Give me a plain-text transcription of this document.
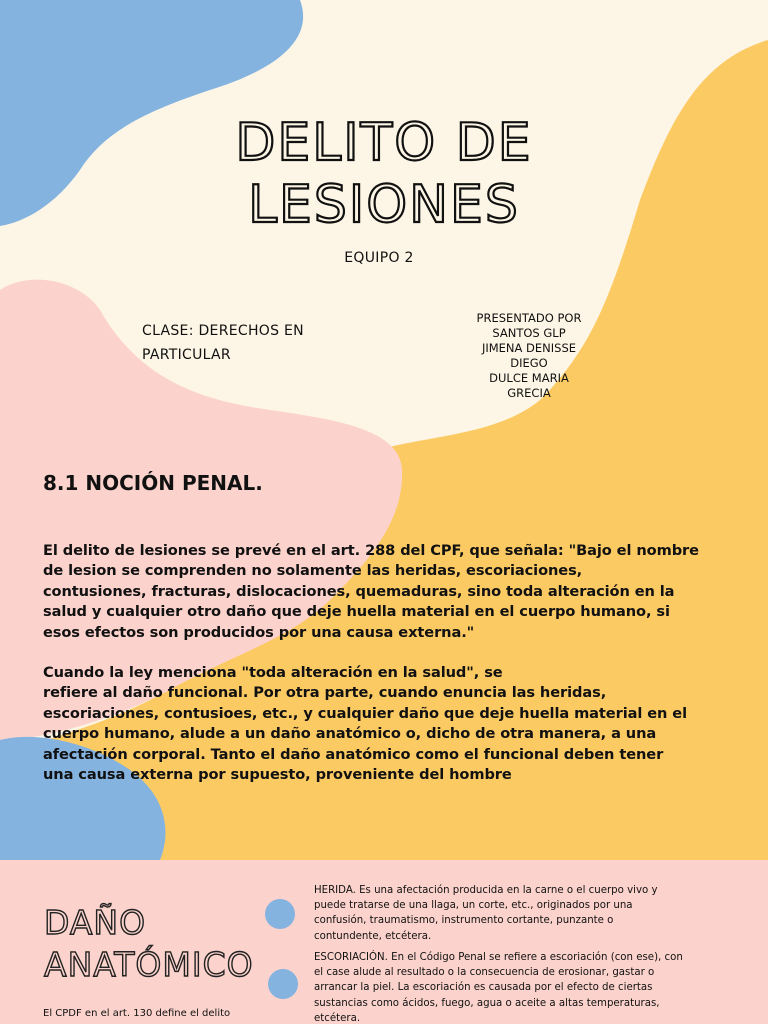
DELITO DE
LESIONES
EQUIPO 2
CLASE: DERECHOS EN
PARTICULAR
PRESENTADO POR
SANTOS GLP
JIMENA DENISSE
DIEGO
DULCE MARIA
GRECIA
8.1 NOCIÓN PENAL.
El delito de lesiones se prevé en el art. 288 del CPF, que señala: "Bajo el nombre
de lesion se comprenden no solamente las heridas, escoriaciones,
contusiones, fracturas, dislocaciones, quemaduras, sino toda alteración en la
salud y cualquier otro daño que deje huella material en el cuerpo humano, si
esos efectos son producidos por una causa externa."
Cuando la ley menciona "toda alteración en la salud", se
refiere al daño funcional. Por otra parte, cuando enuncia las heridas,
escoriaciones, contusioes, etc., y cualquier daño que deje huella material en el
cuerpo humano, alude a un daño anatómico o, dicho de otra manera, a una
afectación corporal. Tanto el daño anatómico como el funcional deben tener
una causa externa por supuesto, proveniente del hombre
DAÑO
ANATÓMICO
El CPDF en el art. 130 define el delito
HERIDA. Es una afectación producida en la carne o el cuerpo vivo y
puede tratarse de una llaga, un corte, etc., originados por una
confusión, traumatismo, instrumento cortante, punzante o
contundente, etcétera.
ESCORIACIÓN. En el Código Penal se refiere a escoriación (con ese), con
el case alude al resultado o la consecuencia de erosionar, gastar o
arrancar la piel. La escoriación es causada por el efecto de ciertas
sustancias como ácidos, fuego, agua o aceite a altas temperaturas,
etcétera.
